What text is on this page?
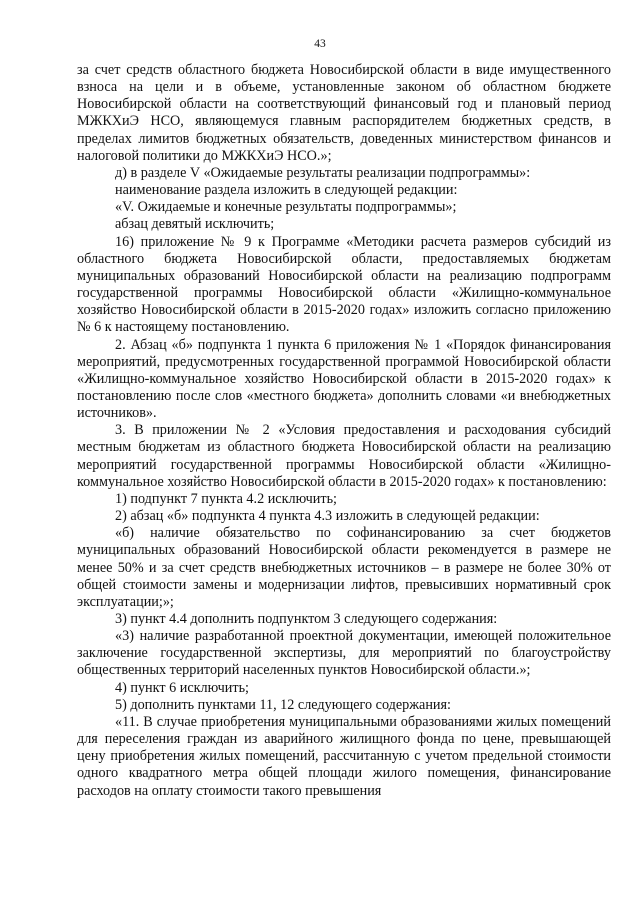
43

за счет средств областного бюджета Новосибирской области в виде имущественного взноса на цели и в объеме, установленные законом об областном бюджете Новосибирской области на соответствующий финансовый год и плановый период МЖКХиЭ НСО, являющемуся главным распорядителем бюджетных средств, в пределах лимитов бюджетных обязательств, доведенных министерством финансов и налоговой политики до МЖКХиЭ НСО.»;

д) в разделе V «Ожидаемые результаты реализации подпрограммы»:

наименование раздела изложить в следующей редакции:

«V. Ожидаемые и конечные результаты подпрограммы»;

абзац девятый исключить;

16) приложение № 9 к Программе «Методики расчета размеров субсидий из областного бюджета Новосибирской области, предоставляемых бюджетам муниципальных образований Новосибирской области на реализацию подпрограмм государственной программы Новосибирской области «Жилищно-коммунальное хозяйство Новосибирской области в 2015-2020 годах» изложить согласно приложению № 6 к настоящему постановлению.

2. Абзац «б» подпункта 1 пункта 6 приложения № 1 «Порядок финансирования мероприятий, предусмотренных государственной программой Новосибирской области «Жилищно-коммунальное хозяйство Новосибирской области в 2015-2020 годах» к постановлению после слов «местного бюджета» дополнить словами «и внебюджетных источников».

3. В приложении № 2 «Условия предоставления и расходования субсидий местным бюджетам из областного бюджета Новосибирской области на реализацию мероприятий государственной программы Новосибирской области «Жилищно-коммунальное хозяйство Новосибирской области в 2015-2020 годах» к постановлению:

1) подпункт 7 пункта 4.2 исключить;

2) абзац «б» подпункта 4 пункта 4.3 изложить в следующей редакции:

«б) наличие обязательство по софинансированию за счет бюджетов муниципальных образований Новосибирской области рекомендуется в размере не менее 50% и за счет средств внебюджетных источников – в размере не более 30% от общей стоимости замены и модернизации лифтов, превысивших нормативный срок эксплуатации;»;

3) пункт 4.4 дополнить подпунктом 3 следующего содержания:

«3) наличие разработанной проектной документации, имеющей положительное заключение государственной экспертизы, для мероприятий по благоустройству общественных территорий населенных пунктов Новосибирской области.»;

4) пункт 6 исключить;

5) дополнить пунктами 11, 12 следующего содержания:

«11. В случае приобретения муниципальными образованиями жилых помещений для переселения граждан из аварийного жилищного фонда по цене, превышающей цену приобретения жилых помещений, рассчитанную с учетом предельной стоимости одного квадратного метра общей площади жилого помещения, финансирование расходов на оплату стоимости такого превышения
